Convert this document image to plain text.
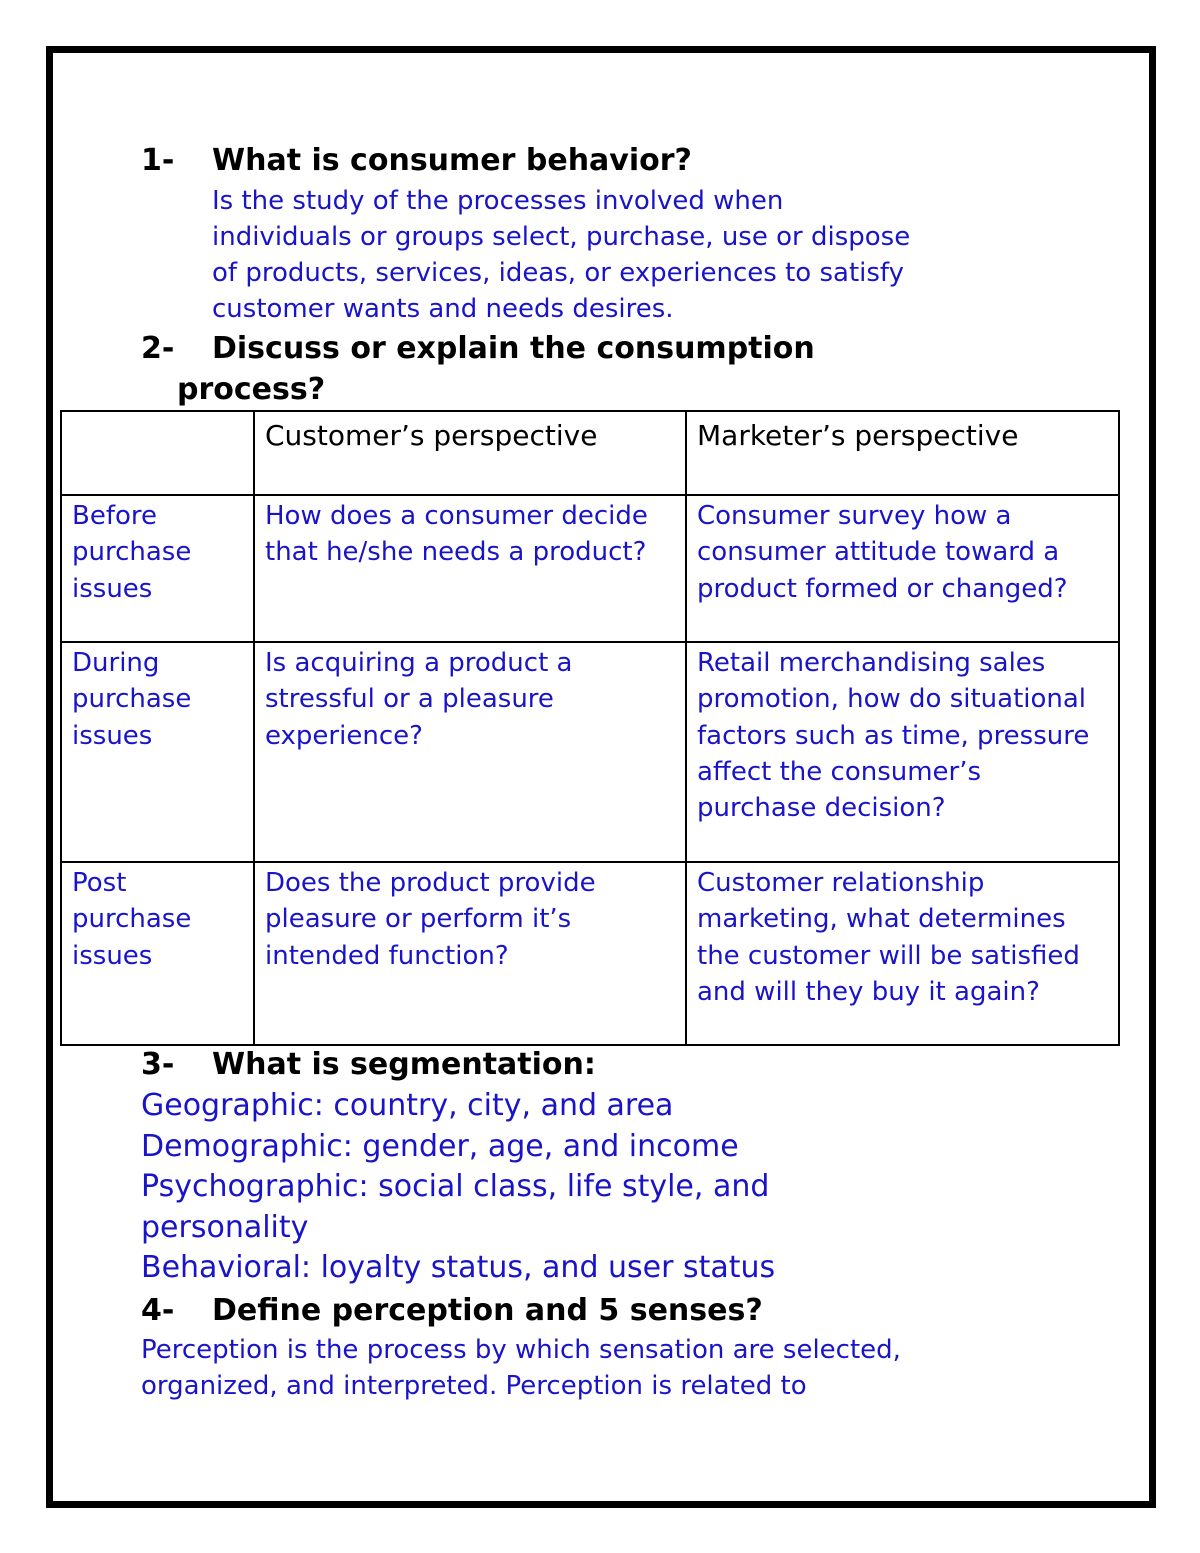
1- What is consumer behavior?
Is the study of the processes involved when
individuals or groups select, purchase, use or dispose
of products, services, ideas, or experiences to satisfy
customer wants and needs desires.
2- Discuss or explain the consumption
process?
	Customer’s perspective	Marketer’s perspective
Before purchase issues	How does a consumer decide that he/she needs a product?	Consumer survey how a consumer attitude toward a product formed or changed?
During purchase issues	Is acquiring a product a stressful or a pleasure experience?	Retail merchandising sales promotion, how do situational factors such as time, pressure affect the consumer’s purchase decision?
Post purchase issues	Does the product provide pleasure or perform it’s intended function?	Customer relationship marketing, what determines the customer will be satisfied and will they buy it again?
3- What is segmentation:
Geographic: country, city, and area
Demographic: gender, age, and income
Psychographic: social class, life style, and
personality
Behavioral: loyalty status, and user status
4- Define perception and 5 senses?
Perception is the process by which sensation are selected,
organized, and interpreted. Perception is related to
